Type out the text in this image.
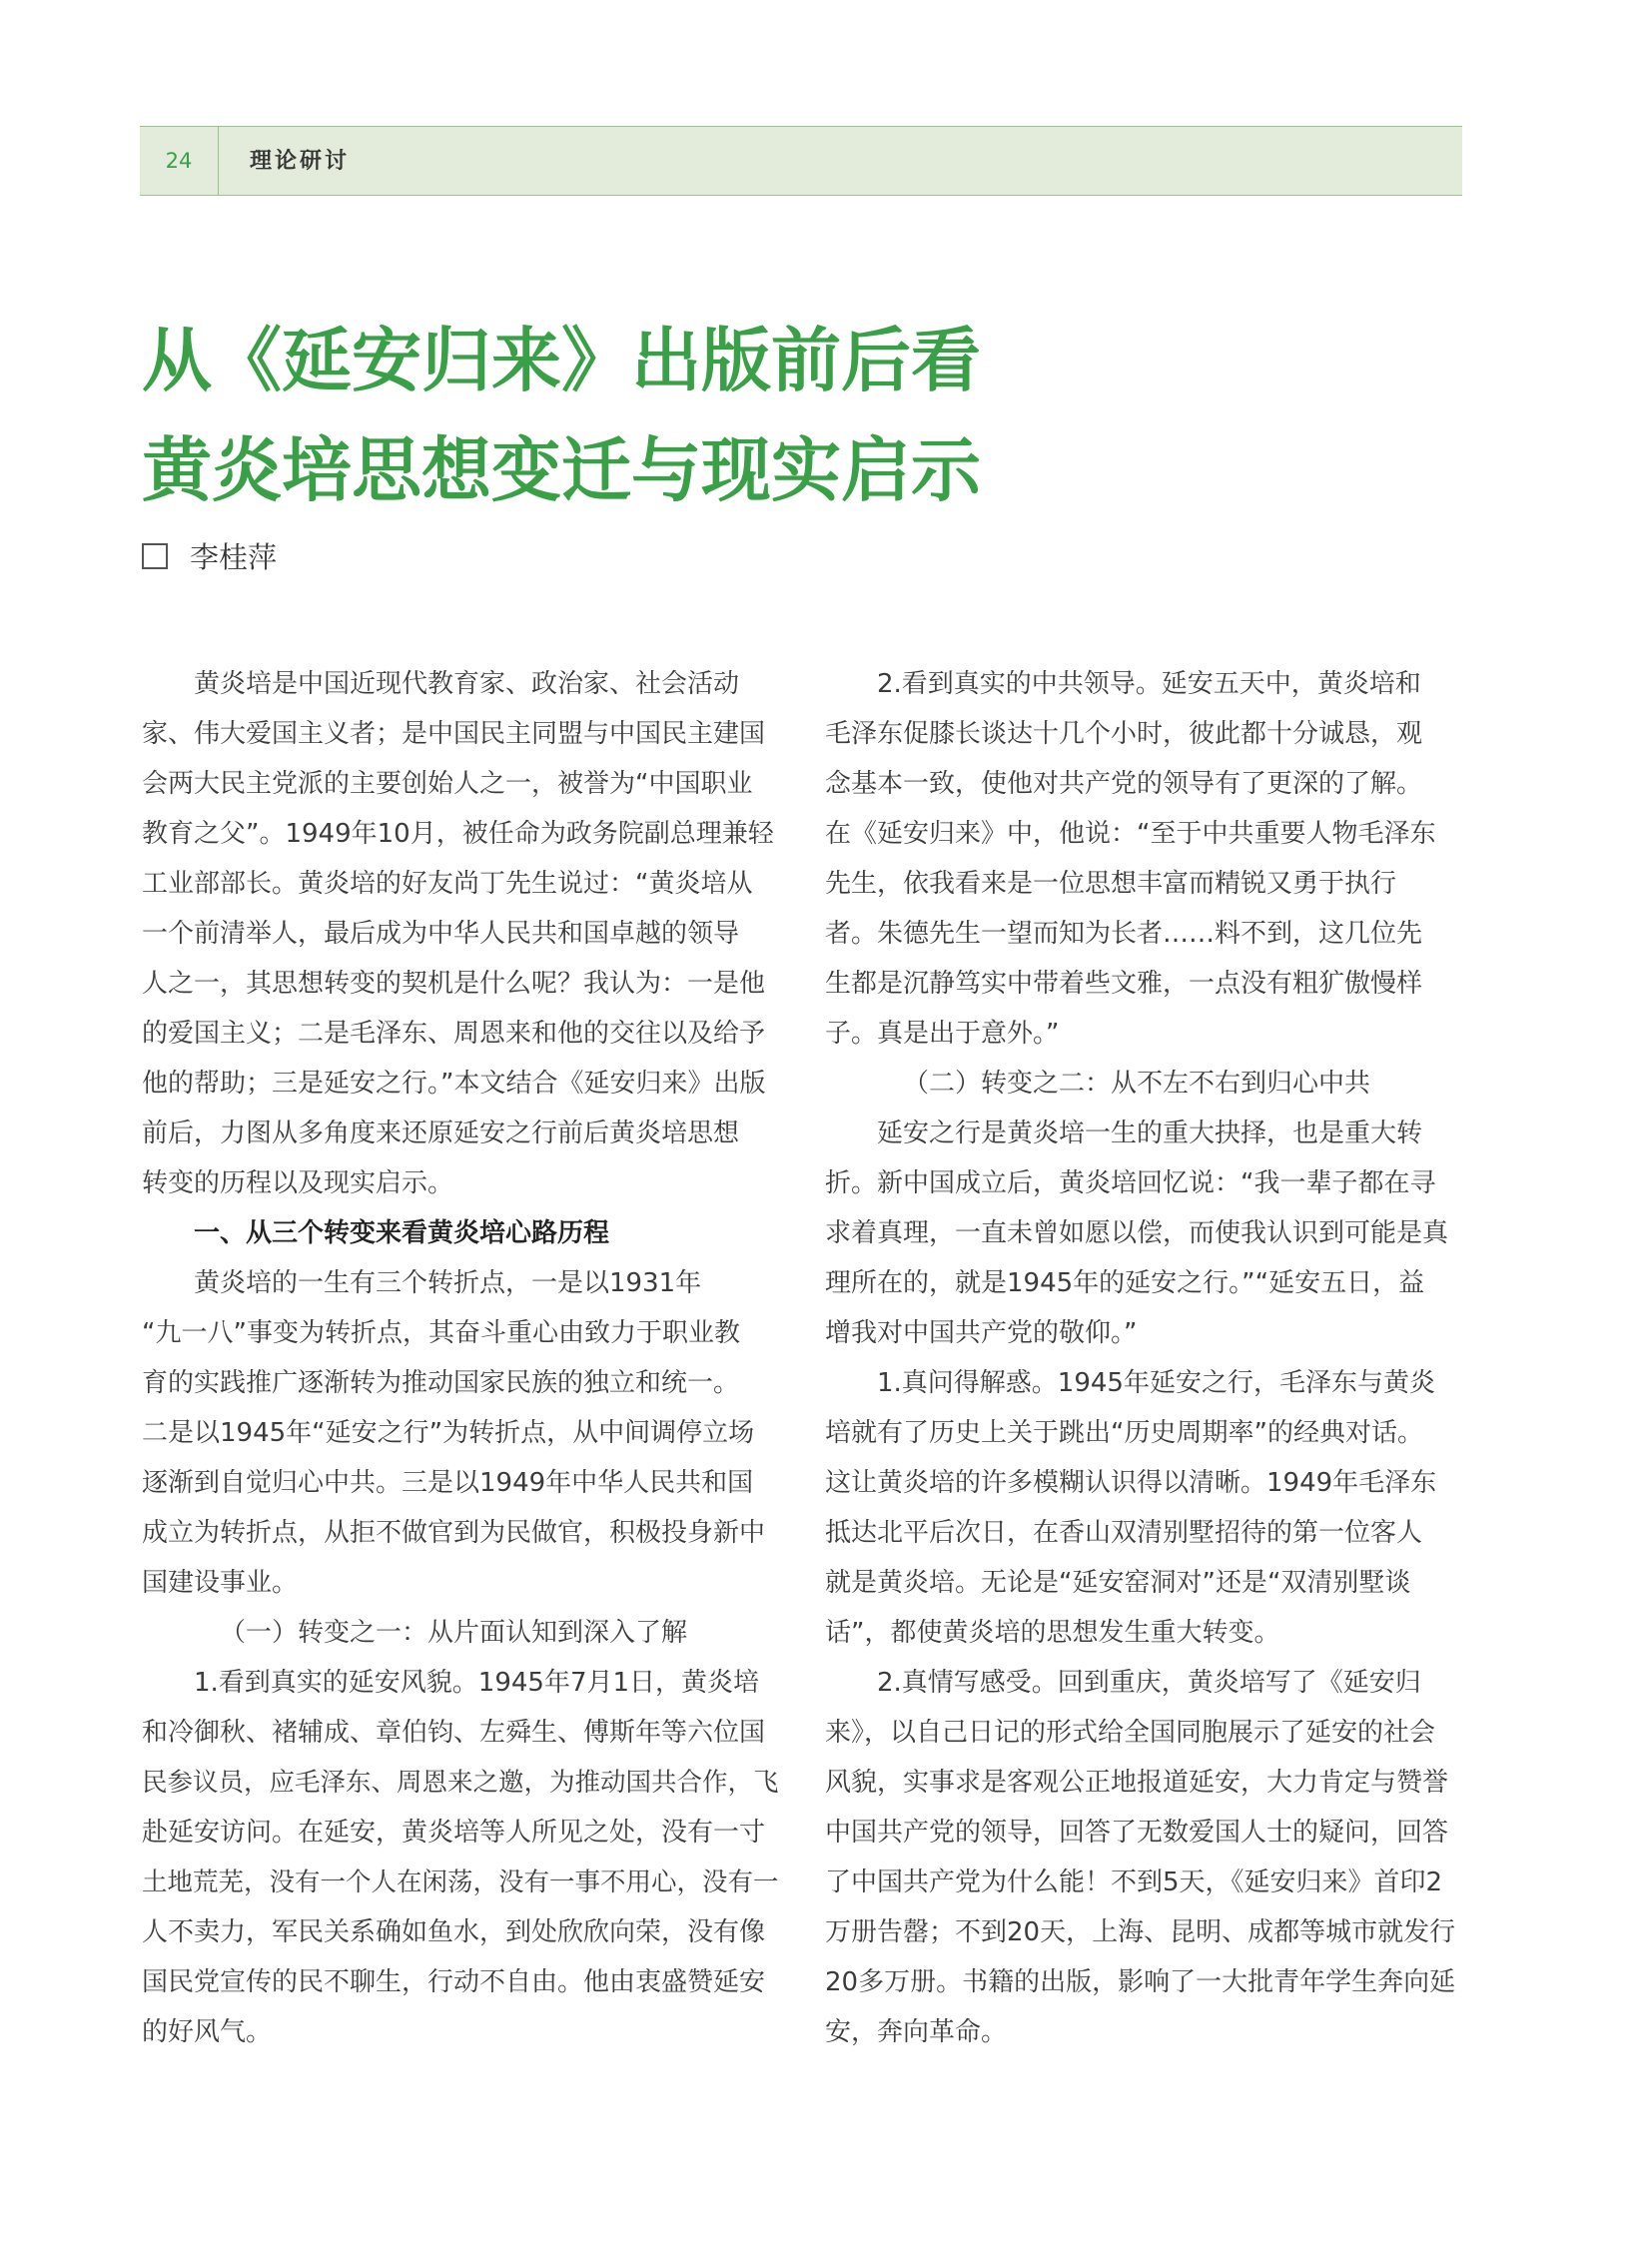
24	理论研讨
从《延安归来》出版前后看
黄炎培思想变迁与现实启示
李桂萍

黄炎培是中国近现代教育家、政治家、社会活动

家、伟大爱国主义者；是中国民主同盟与中国民主建国

会两大民主党派的主要创始人之一，被誉为“中国职业

教育之父”。1949年10月，被任命为政务院副总理兼轻

工业部部长。黄炎培的好友尚丁先生说过：“黄炎培从

一个前清举人，最后成为中华人民共和国卓越的领导

人之一，其思想转变的契机是什么呢？我认为：一是他

的爱国主义；二是毛泽东、周恩来和他的交往以及给予

他的帮助；三是延安之行。”本文结合《延安归来》出版

前后，力图从多角度来还原延安之行前后黄炎培思想

转变的历程以及现实启示。

一、从三个转变来看黄炎培心路历程

黄炎培的一生有三个转折点，一是以1931年

“九一八”事变为转折点，其奋斗重心由致力于职业教

育的实践推广逐渐转为推动国家民族的独立和统一。

二是以1945年“延安之行”为转折点，从中间调停立场

逐渐到自觉归心中共。三是以1949年中华人民共和国

成立为转折点，从拒不做官到为民做官，积极投身新中

国建设事业。

（一）转变之一：从片面认知到深入了解

1.看到真实的延安风貌。1945年7月1日，黄炎培

和冷御秋、褚辅成、章伯钧、左舜生、傅斯年等六位国

民参议员，应毛泽东、周恩来之邀，为推动国共合作，飞

赴延安访问。在延安，黄炎培等人所见之处，没有一寸

土地荒芜，没有一个人在闲荡，没有一事不用心，没有一

人不卖力，军民关系确如鱼水，到处欣欣向荣，没有像

国民党宣传的民不聊生，行动不自由。他由衷盛赞延安

的好风气。

2.看到真实的中共领导。延安五天中，黄炎培和

毛泽东促膝长谈达十几个小时，彼此都十分诚恳，观

念基本一致，使他对共产党的领导有了更深的了解。

在《延安归来》中，他说：“至于中共重要人物毛泽东

先生，依我看来是一位思想丰富而精锐又勇于执行

者。朱德先生一望而知为长者……料不到，这几位先

生都是沉静笃实中带着些文雅，一点没有粗犷傲慢样

子。真是出于意外。”

（二）转变之二：从不左不右到归心中共

延安之行是黄炎培一生的重大抉择，也是重大转

折。新中国成立后，黄炎培回忆说：“我一辈子都在寻

求着真理，一直未曾如愿以偿，而使我认识到可能是真

理所在的，就是1945年的延安之行。”“延安五日，益

增我对中国共产党的敬仰。”

1.真问得解惑。1945年延安之行，毛泽东与黄炎

培就有了历史上关于跳出“历史周期率”的经典对话。

这让黄炎培的许多模糊认识得以清晰。1949年毛泽东

抵达北平后次日，在香山双清别墅招待的第一位客人

就是黄炎培。无论是“延安窑洞对”还是“双清别墅谈

话”，都使黄炎培的思想发生重大转变。

2.真情写感受。回到重庆，黄炎培写了《延安归

来》，以自己日记的形式给全国同胞展示了延安的社会

风貌，实事求是客观公正地报道延安，大力肯定与赞誉

中国共产党的领导，回答了无数爱国人士的疑问，回答

了中国共产党为什么能！不到5天，《延安归来》首印2

万册告罄；不到20天，上海、昆明、成都等城市就发行

20多万册。书籍的出版，影响了一大批青年学生奔向延

安，奔向革命。
